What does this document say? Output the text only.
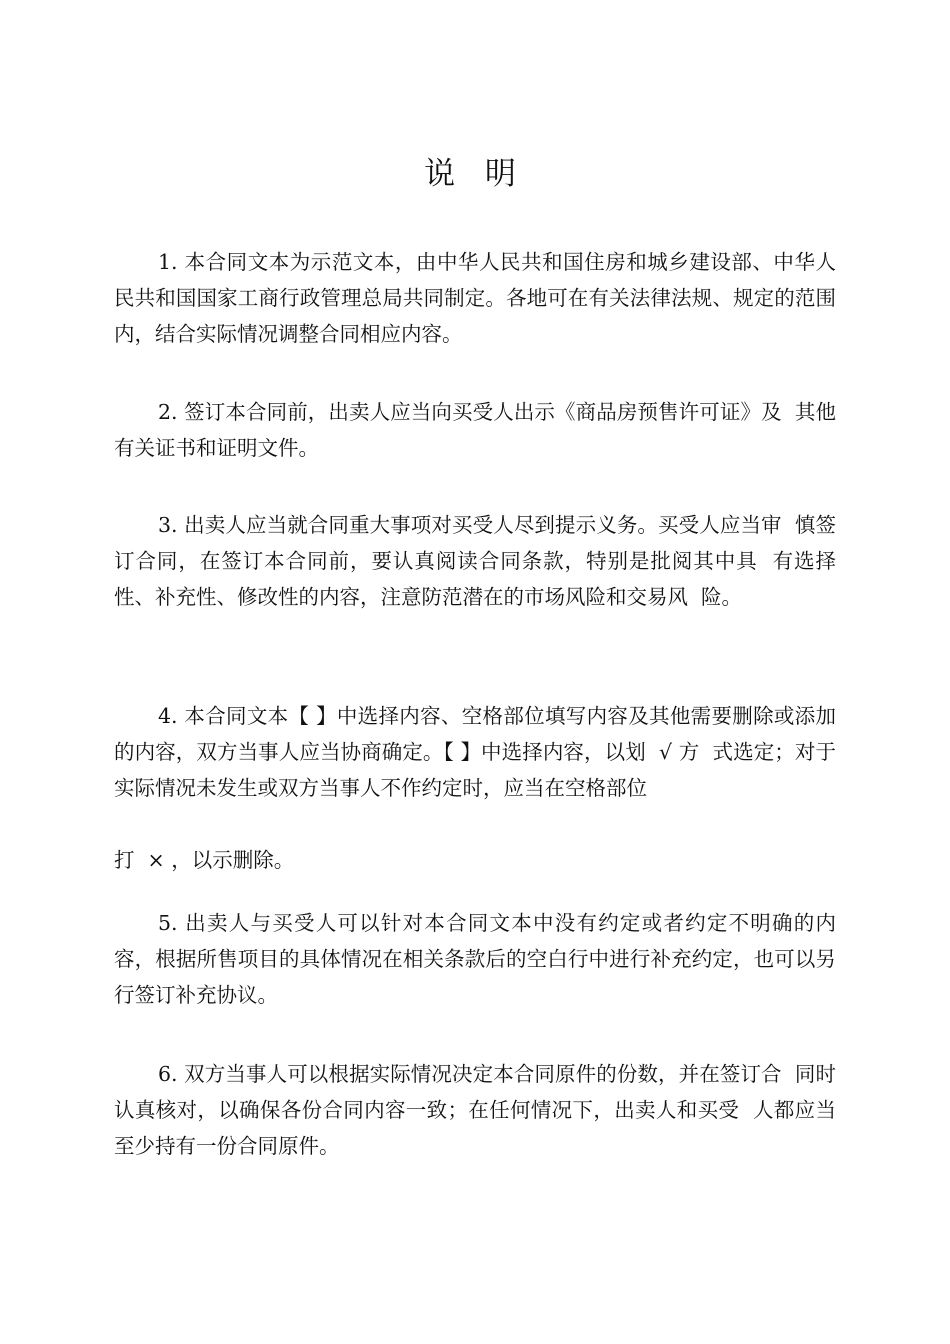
说 明
1. 本合同文本为示范文本，由中华人民共和国住房和城乡建设部、中华人民共和国国家工商行政管理总局共同制定。各地可在有关法律法规、规定的范围内，结合实际情况调整合同相应内容。
2. 签订本合同前，出卖人应当向买受人出示《商品房预售许可证》及  其他有关证书和证明文件。
3. 出卖人应当就合同重大事项对买受人尽到提示义务。买受人应当审  慎签订合同，在签订本合同前，要认真阅读合同条款，特别是批阅其中具  有选择性、补充性、修改性的内容，注意防范潜在的市场风险和交易风  险。
4. 本合同文本【 】中选择内容、空格部位填写内容及其他需要删除或添加的内容，双方当事人应当协商确定。【 】中选择内容，以划  √ 方  式选定；对于实际情况未发生或双方当事人不作约定时，应当在空格部位
打  × ，以示删除。
5. 出卖人与买受人可以针对本合同文本中没有约定或者约定不明确的内容，根据所售项目的具体情况在相关条款后的空白行中进行补充约定，也可以另行签订补充协议。
6. 双方当事人可以根据实际情况决定本合同原件的份数，并在签订合  同时认真核对，以确保各份合同内容一致；在任何情况下，出卖人和买受  人都应当至少持有一份合同原件。
